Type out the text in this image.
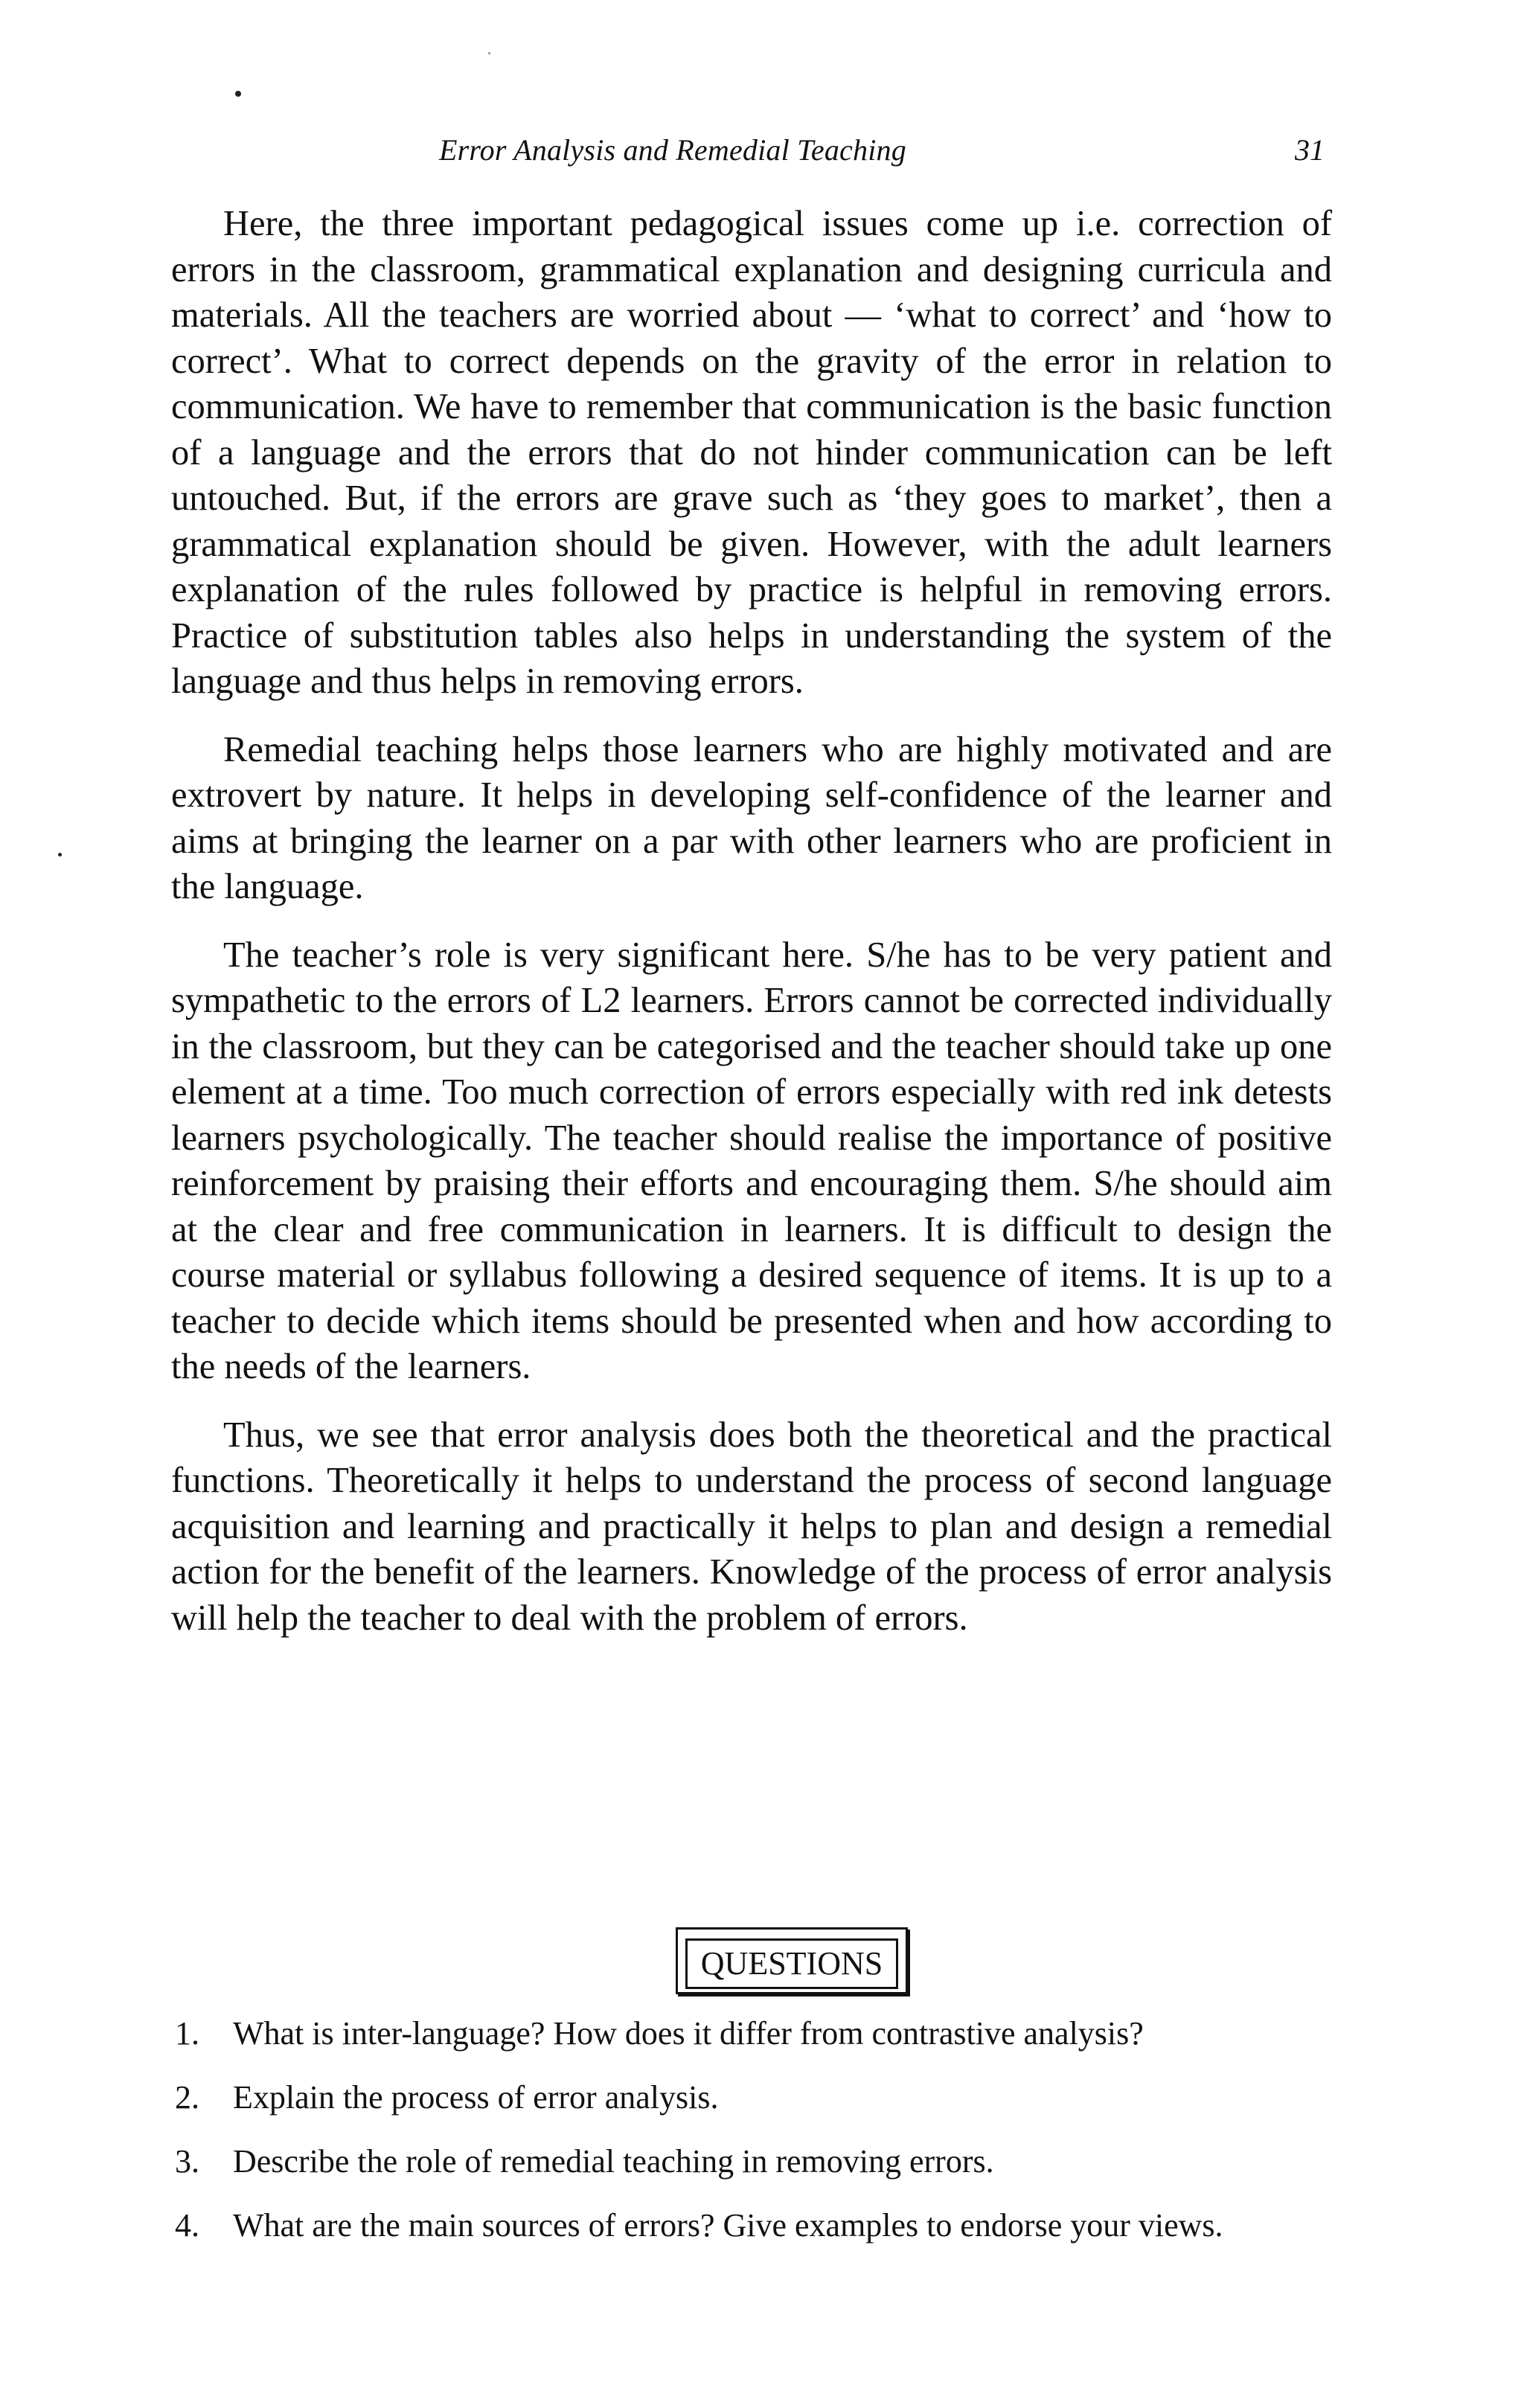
Error Analysis and Remedial Teaching	31

Here, the three important pedagogical issues come up i.e. correction of errors in the classroom, grammatical explanation and designing curricula and materials. All the teachers are worried about — ‘what to correct’ and ‘how to correct’. What to correct depends on the gravity of the error in relation to communication. We have to remember that communication is the basic function of a language and the errors that do not hinder communication can be left untouched. But, if the errors are grave such as ‘they goes to market’, then a grammatical explanation should be given. However, with the adult learners explanation of the rules followed by practice is helpful in removing errors. Practice of substitution tables also helps in understanding the system of the language and thus helps in removing errors.

Remedial teaching helps those learners who are highly motivated and are extrovert by nature. It helps in developing self-confidence of the learner and aims at bringing the learner on a par with other learners who are proficient in the language.

The teacher’s role is very significant here. S/he has to be very patient and sympathetic to the errors of L2 learners. Errors cannot be corrected individually in the classroom, but they can be categorised and the teacher should take up one element at a time. Too much correction of errors especially with red ink detests learners psychologically. The teacher should realise the importance of positive reinforcement by praising their efforts and encouraging them. S/he should aim at the clear and free communication in learners. It is difficult to design the course material or syllabus following a desired sequence of items. It is up to a teacher to decide which items should be presented when and how according to the needs of the learners.

Thus, we see that error analysis does both the theoretical and the practical functions. Theoretically it helps to understand the process of second language acquisition and learning and practically it helps to plan and design a remedial action for the benefit of the learners. Knowledge of the process of error analysis will help the teacher to deal with the problem of errors.

QUESTIONS
1. What is inter-language? How does it differ from contrastive analysis?
2. Explain the process of error analysis.
3. Describe the role of remedial teaching in removing errors.
4. What are the main sources of errors? Give examples to endorse your views.
